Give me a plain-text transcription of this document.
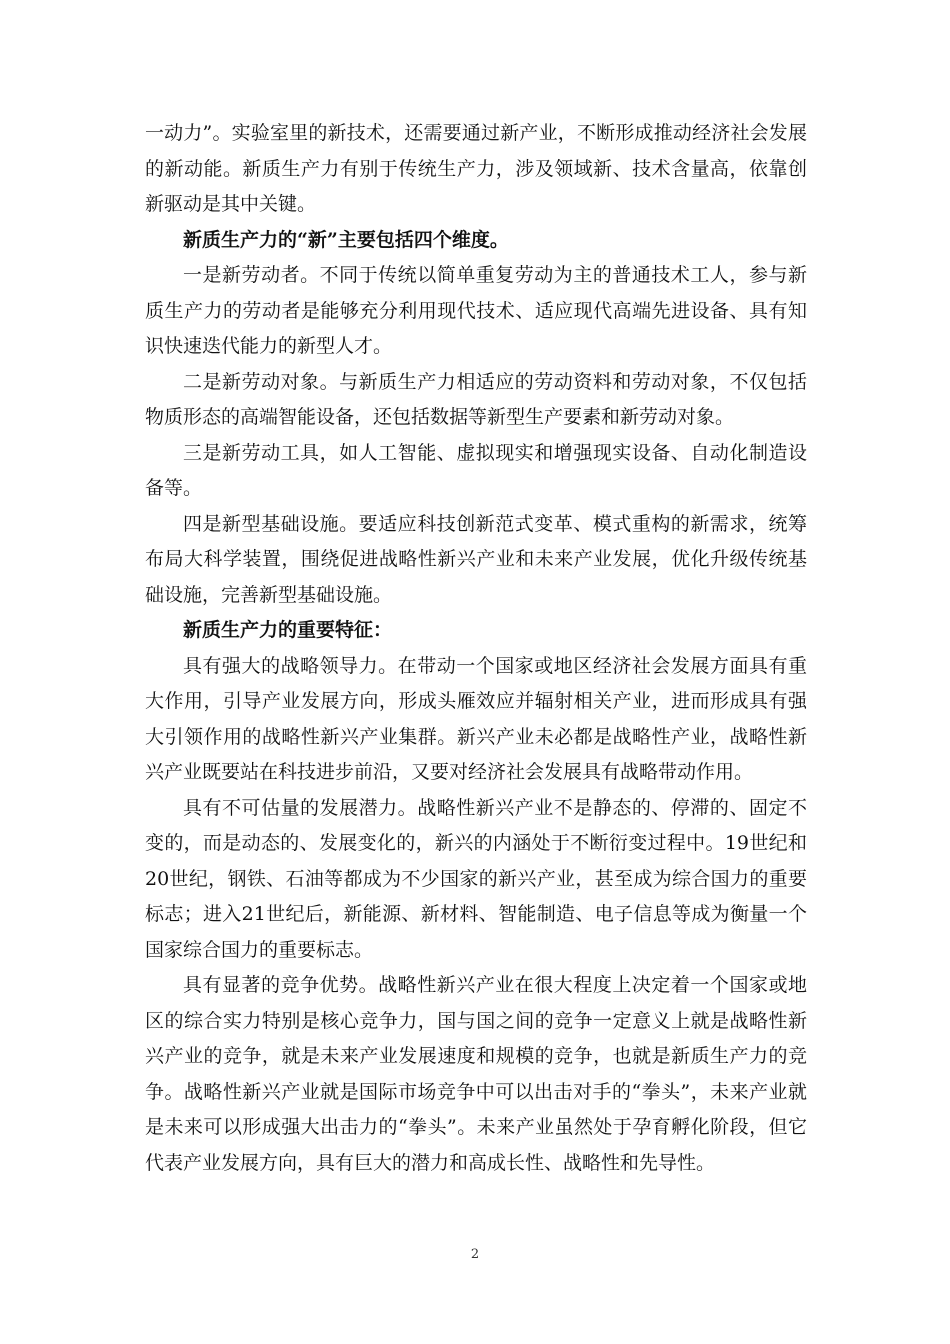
一动力”。实验室里的新技术，还需要通过新产业，不断形成推动经济社会发展的新动能。新质生产力有别于传统生产力，涉及领域新、技术含量高，依靠创新驱动是其中关键。

新质生产力的“新”主要包括四个维度。

一是新劳动者。不同于传统以简单重复劳动为主的普通技术工人，参与新质生产力的劳动者是能够充分利用现代技术、适应现代高端先进设备、具有知识快速迭代能力的新型人才。

二是新劳动对象。与新质生产力相适应的劳动资料和劳动对象，不仅包括物质形态的高端智能设备，还包括数据等新型生产要素和新劳动对象。

三是新劳动工具，如人工智能、虚拟现实和增强现实设备、自动化制造设备等。

四是新型基础设施。要适应科技创新范式变革、模式重构的新需求，统筹布局大科学装置，围绕促进战略性新兴产业和未来产业发展，优化升级传统基础设施，完善新型基础设施。

新质生产力的重要特征：

具有强大的战略领导力。在带动一个国家或地区经济社会发展方面具有重大作用，引导产业发展方向，形成头雁效应并辐射相关产业，进而形成具有强大引领作用的战略性新兴产业集群。新兴产业未必都是战略性产业，战略性新兴产业既要站在科技进步前沿，又要对经济社会发展具有战略带动作用。

具有不可估量的发展潜力。战略性新兴产业不是静态的、停滞的、固定不变的，而是动态的、发展变化的，新兴的内涵处于不断衍变过程中。19世纪和20世纪，钢铁、石油等都成为不少国家的新兴产业，甚至成为综合国力的重要标志；进入21世纪后，新能源、新材料、智能制造、电子信息等成为衡量一个国家综合国力的重要标志。

具有显著的竞争优势。战略性新兴产业在很大程度上决定着一个国家或地区的综合实力特别是核心竞争力，国与国之间的竞争一定意义上就是战略性新兴产业的竞争，就是未来产业发展速度和规模的竞争，也就是新质生产力的竞争。战略性新兴产业就是国际市场竞争中可以出击对手的“拳头”，未来产业就是未来可以形成强大出击力的“拳头”。未来产业虽然处于孕育孵化阶段，但它代表产业发展方向，具有巨大的潜力和高成长性、战略性和先导性。

2
